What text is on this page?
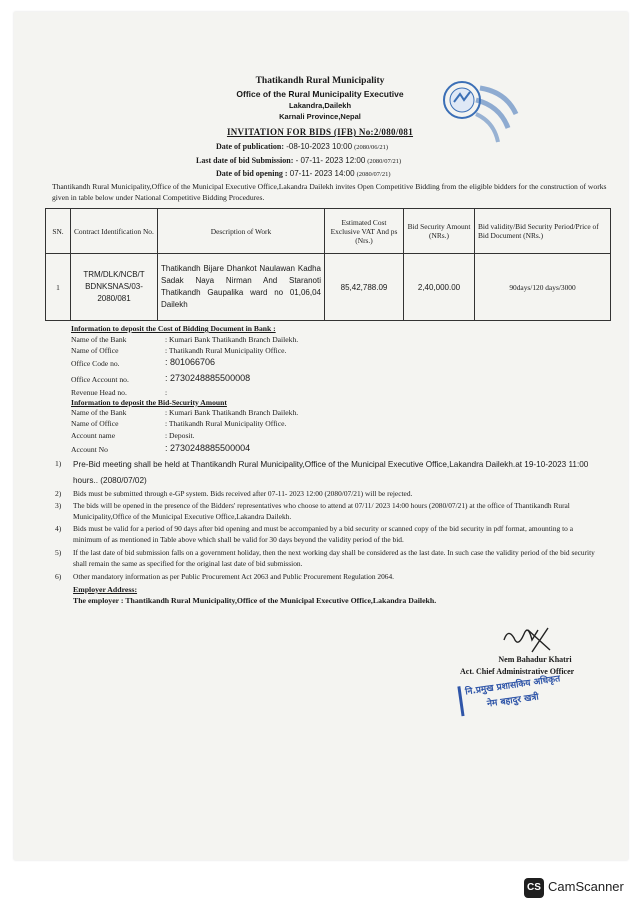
Thatikandh Rural Municipality
Office of the Rural Municipality Executive
Lakandra,Dailekh
Karnali Province,Nepal
INVITATION FOR BIDS (IFB) No:2/080/081
Date of publication: -08-10-2023 10:00 (2080/06/21)
Last date of bid Submission: - 07-11- 2023 12:00 (2080/07/21)
Date of bid opening : 07-11- 2023 14:00 (2080/07/21)
Thantikandh Rural Municipality,Office of the Municipal Executive Office,Lakandra Dailekh invites Open Competitive Bidding from the eligible bidders for the construction of works given in table below under National Competitive Bidding Procedures.
SN.	Contract Identification No.	Description of Work	Estimated Cost Exclusive VAT And ps (Nrs.)	Bid Security Amount (NRs.)	Bid validity/Bid Security Period/Price of Bid Document (NRs.)
1	TRM/DLK/NCB/T BDNKSNAS/03-2080/081	Thatikandh Bijare Dhankot Naulawan Kadha Sadak Naya Nirman And Staranoti Thatikandh Gaupalika ward no 01,06,04 Dailekh	85,42,788.09	2,40,000.00	90days/120 days/3000
Information to deposit the Cost of Bidding Document in Bank :
Name of the Bank	: Kumari Bank Thatikandh Branch Dailekh.
Name of Office	: Thatikandh Rural Municipality Office.
Office Code no.	: 801066706
Office Account no.	: 2730248885500008
Revenue Head no.	:
Information to deposit the Bid-Security Amount
Name of the Bank	: Kumari Bank Thatikandh Branch Dailekh.
Name of Office	: Thatikandh Rural Municipality Office.
Account name	: Deposit.
Account No	: 2730248885500004
1) Pre-Bid meeting shall be held at Thantikandh Rural Municipality,Office of the Municipal Executive Office,Lakandra Dailekh.at 19-10-2023 11:00 hours.. (2080/07/02)
2) Bids must be submitted through e-GP system. Bids received after 07-11- 2023 12:00 (2080/07/21) will be rejected.
3) The bids will be opened in the presence of the Bidders' representatives who choose to attend at 07/11/ 2023 14:00 hours (2080/07/21) at the office of Thantikandh Rural Municipality,Office of the Municipal Executive Office,Lakandra Dailekh.
4) Bids must be valid for a period of 90 days after bid opening and must be accompanied by a bid security or scanned copy of the bid security in pdf format, amounting to a minimum of as mentioned in Table above which shall be valid for 30 days beyond the validity period of the bid.
5) If the last date of bid submission falls on a government holiday, then the next working day shall be considered as the last date. In such case the validity period of the bid security shall remain the same as specified for the original last date of bid submission.
6) Other mandatory information as per Public Procurement Act 2063 and Public Procurement Regulation 2064.
Employer Address:
The employer : Thantikandh Rural Municipality,Office of the Municipal Executive Office,Lakandra Dailekh.
Nem Bahadur Khatri
Act. Chief Administrative Officer
नि.प्रमुख प्रशासकिय अधिकृत
नेम बहादुर खत्री
CS CamScanner
